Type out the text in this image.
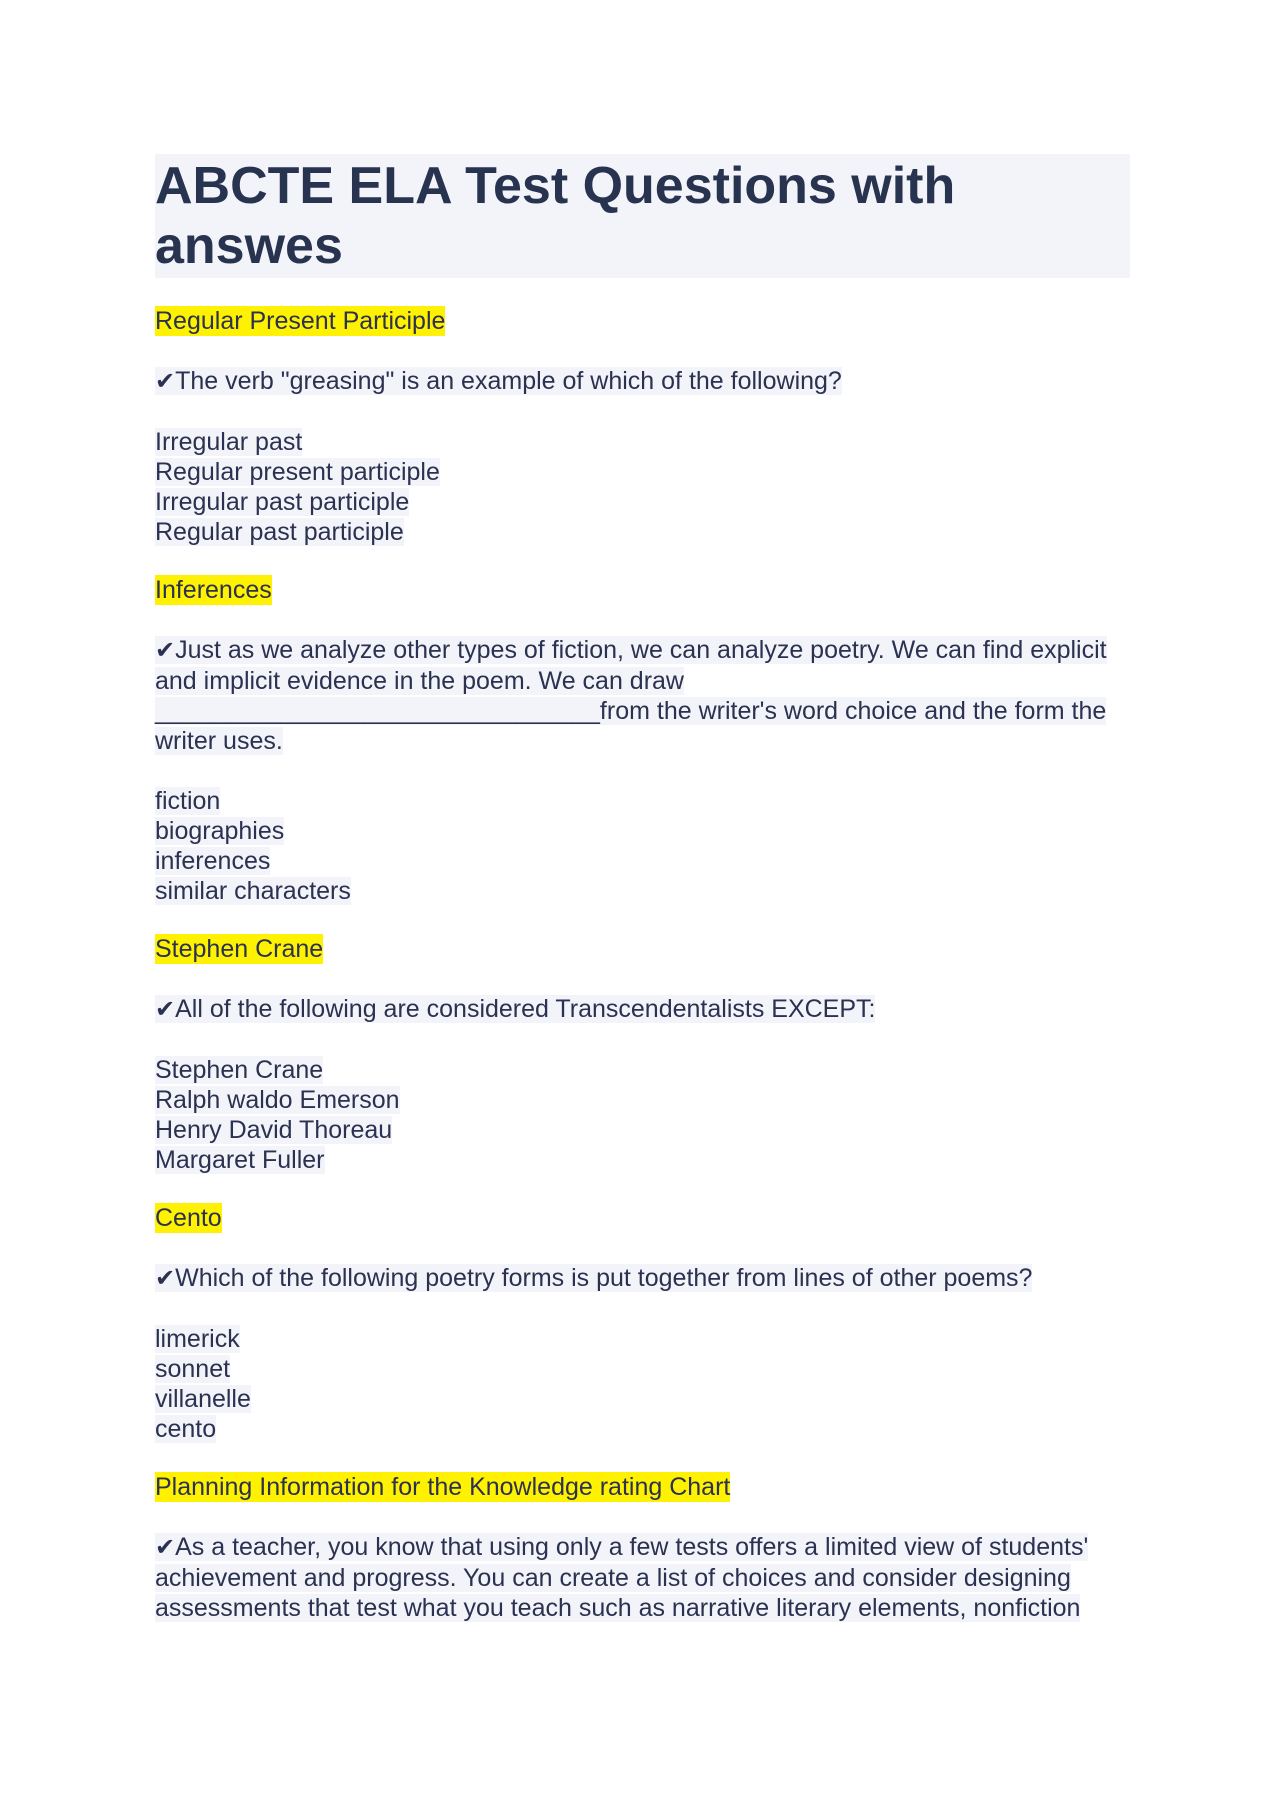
ABCTE ELA Test Questions with answes
Regular Present Participle
✔The verb "greasing" is an example of which of the following?
Irregular past
Regular present participle
Irregular past participle
Regular past participle
Inferences
✔Just as we analyze other types of fiction, we can analyze poetry. We can find explicit and implicit evidence in the poem. We can draw ________________________________from the writer's word choice and the form the writer uses.
fiction
biographies
inferences
similar characters
Stephen Crane
✔All of the following are considered Transcendentalists EXCEPT:
Stephen Crane
Ralph waldo Emerson
Henry David Thoreau
Margaret Fuller
Cento
✔Which of the following poetry forms is put together from lines of other poems?
limerick
sonnet
villanelle
cento
Planning Information for the Knowledge rating Chart
✔As a teacher, you know that using only a few tests offers a limited view of students' achievement and progress. You can create a list of choices and consider designing assessments that test what you teach such as narrative literary elements, nonfiction
